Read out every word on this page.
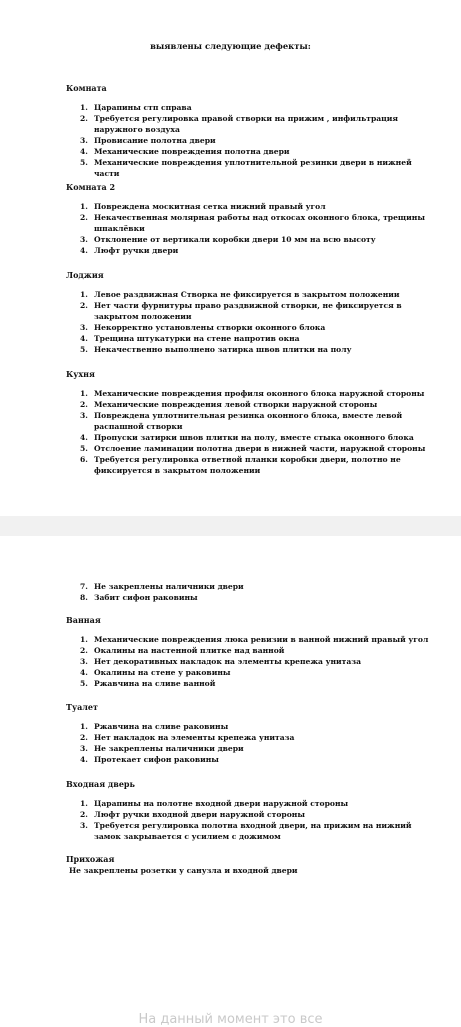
выявлены следующие дефекты:
Комната
1. Царапины стп справа
2. Требуется регулировка правой створки на прижим , инфильтрация наружного воздуха
3. Провисание полотна двери
4. Механические повреждения полотна двери
5. Механические повреждения уплотнительной резинки двери в нижней части
Комната 2
1. Повреждена москитная сетка нижний правый угол
2. Некачественная молярная работы над откосах оконного блока, трещины шпаклёвки
3. Отклонение от вертикали коробки двери 10 мм на всю высоту
4. Люфт ручки двери
Лоджия
1. Левое раздвижная Створка не фиксируется в закрытом положении
2. Нет части фурнитуры право раздвижной створки, не фиксируется в закрытом положении
3. Некорректно установлены створки оконного блока
4. Трещина штукатурки на стене напротив окна
5. Некачественно выполнено затирка швов плитки на полу
Кухня
1. Механические повреждения профиля оконного блока наружной стороны
2. Механические повреждения левой створки наружной стороны
3. Повреждена уплотнительная резинка оконного блока, вместе левой распашной створки
4. Пропуски затирки швов плитки на полу, вместе стыка оконного блока
5. Отслоение ламинации полотна двери в нижней части, наружной стороны
6. Требуется регулировка ответной планки коробки двери, полотно не фиксируется в закрытом положении
7. Не закреплены наличники двери
8. Забит сифон раковины
Ванная
1. Механические повреждения люка ревизии в ванной нижний правый угол
2. Окалины на настенной плитке над ванной
3. Нет декоративных накладок на элементы крепежа унитаза
4. Окалины на стене у раковины
5. Ржавчина на сливе ванной
Туалет
1. Ржавчина на сливе раковины
2. Нет накладок на элементы крепежа унитаза
3. Не закреплены наличники двери
4. Протекает сифон раковины
Входная дверь
1. Царапины на полотне входной двери наружной стороны
2. Люфт ручки входной двери наружной стороны
3. Требуется регулировка полотна входной двери, на прижим на нижний замок закрывается с усилием с дожимом
Прихожая
Не закреплены розетки у санузла и входной двери
На данный момент это все
